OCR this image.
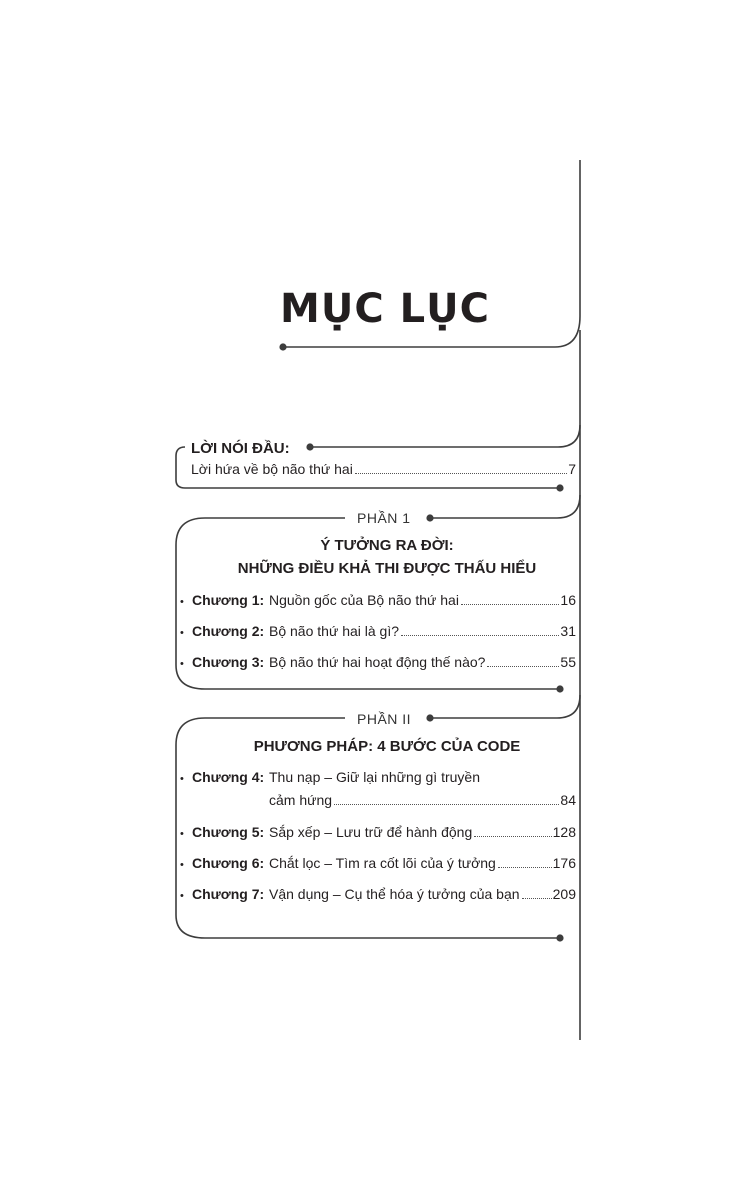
MỤC LỤC
LỜI NÓI ĐẦU:
Lời hứa về bộ não thứ hai	7
PHẦN 1
Ý TƯỞNG RA ĐỜI:
NHỮNG ĐIỀU KHẢ THI ĐƯỢC THẤU HIỂU
• Chương 1: Nguồn gốc của Bộ não thứ hai	16
• Chương 2: Bộ não thứ hai là gì?	31
• Chương 3: Bộ não thứ hai hoạt động thế nào?	55
PHẦN II
PHƯƠNG PHÁP: 4 BƯỚC CỦA CODE
• Chương 4: Thu nạp – Giữ lại những gì truyền
cảm hứng	84
• Chương 5: Sắp xếp – Lưu trữ để hành động	128
• Chương 6: Chắt lọc – Tìm ra cốt lõi của ý tưởng	176
• Chương 7: Vận dụng – Cụ thể hóa ý tưởng của bạn 209
